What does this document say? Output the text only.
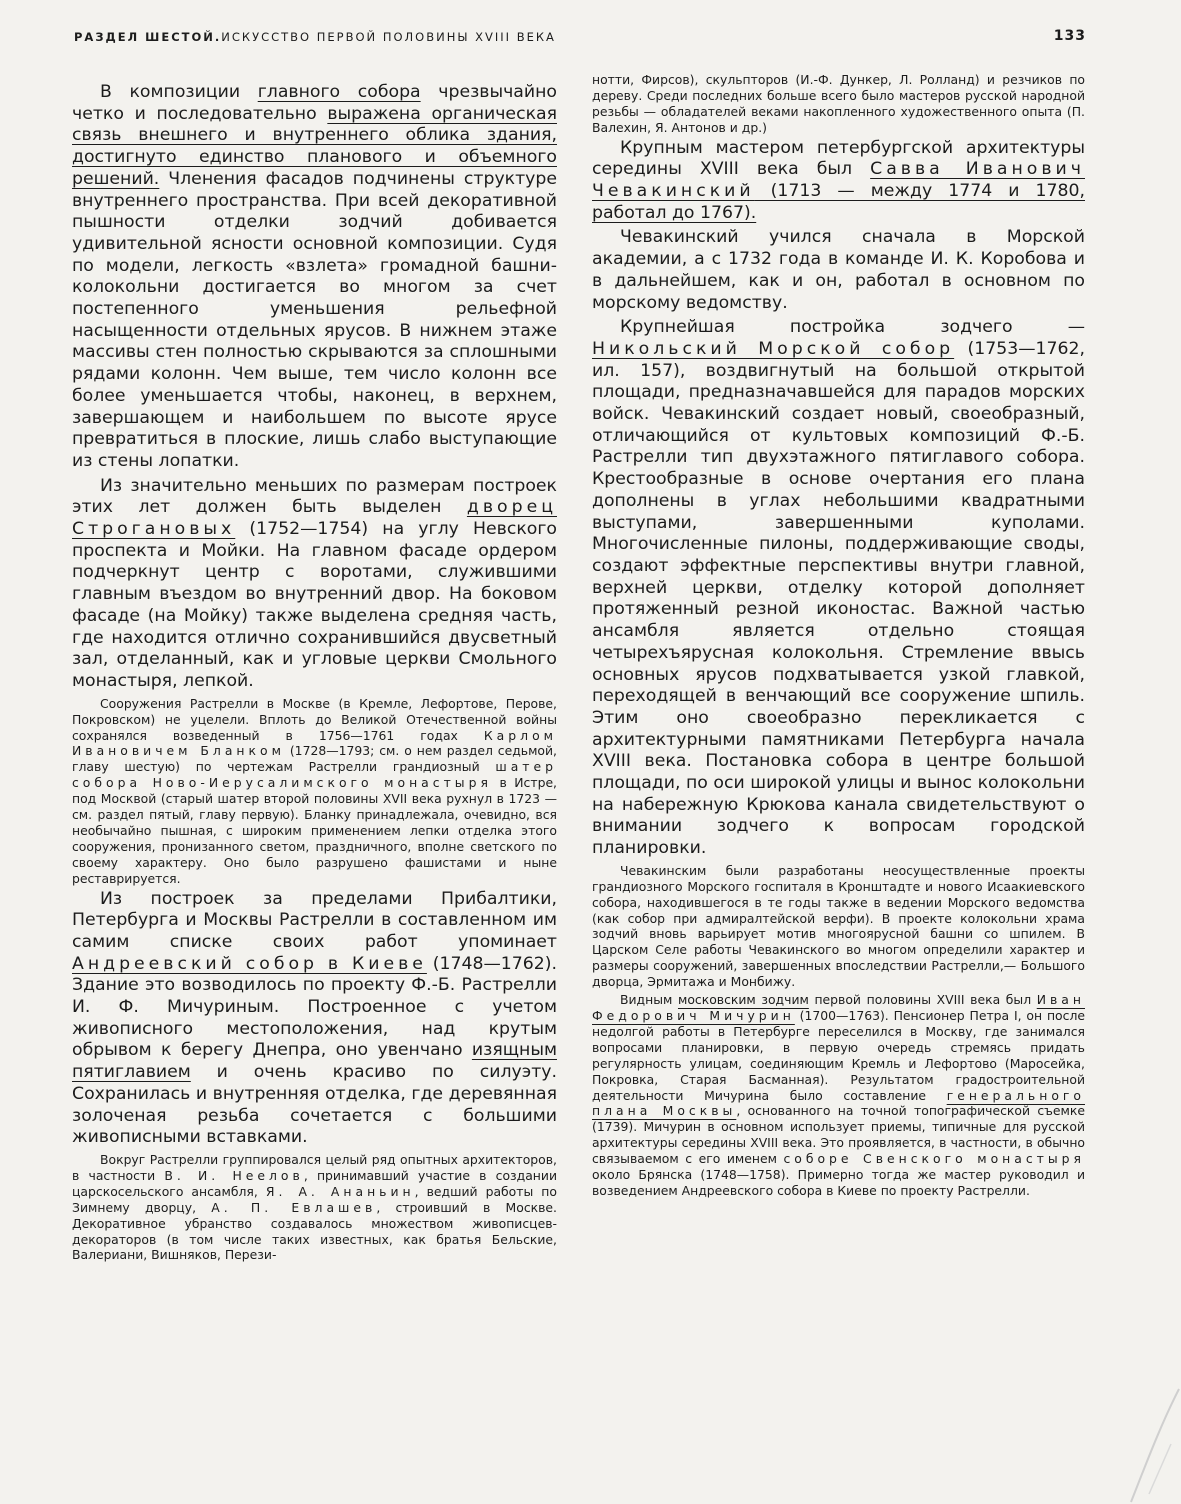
РАЗДЕЛ ШЕСТОЙ.ИСКУССТВО ПЕРВОЙ ПОЛОВИНЫ XVIII ВЕКА	133

В композиции главного собора чрезвычайно четко и последовательно выражена органическая связь внешнего и внутреннего облика здания, достигнуто единство планового и объемного решений. Членения фасадов подчинены структуре внутреннего пространства. При всей декоративной пышности отделки зодчий добивается удивительной ясности основной композиции. Судя по модели, легкость «взлета» громадной башни-колокольни достигается во многом за счет постепенного уменьшения рельефной насыщенности отдельных ярусов. В нижнем этаже массивы стен полностью скрываются за сплошными рядами колонн. Чем выше, тем число колонн все более уменьшается чтобы, наконец, в верхнем, завершающем и наибольшем по высоте ярусе превратиться в плоские, лишь слабо выступающие из стены лопатки.

Из значительно меньших по размерам построек этих лет должен быть выделен дворец Строгановых (1752—1754) на углу Невского проспекта и Мойки. На главном фасаде ордером подчеркнут центр с воротами, служившими главным въездом во внутренний двор. На боковом фасаде (на Мойку) также выделена средняя часть, где находится отлично сохранившийся двусветный зал, отделанный, как и угловые церкви Смольного монастыря, лепкой.

Сооружения Растрелли в Москве (в Кремле, Лефортове, Перове, Покровском) не уцелели. Вплоть до Великой Отечественной войны сохранялся возведенный в 1756—1761 годах Карлом Ивановичем Бланком (1728—1793; см. о нем раздел седьмой, главу шестую) по чертежам Растрелли грандиозный шатер собора Ново-Иерусалимского монастыря в Истре, под Москвой (старый шатер второй половины XVII века рухнул в 1723 — см. раздел пятый, главу первую). Бланку принадлежала, очевидно, вся необычайно пышная, с широким применением лепки отделка этого сооружения, пронизанного светом, праздничного, вполне светского по своему характеру. Оно было разрушено фашистами и ныне реставрируется.

Из построек за пределами Прибалтики, Петербурга и Москвы Растрелли в составленном им самим списке своих работ упоминает Андреевский собор в Киеве (1748—1762). Здание это возводилось по проекту Ф.-Б. Растрелли И. Ф. Мичуриным. Построенное с учетом живописного местоположения, над крутым обрывом к берегу Днепра, оно увенчано изящным пятиглавием и очень красиво по силуэту. Сохранилась и внутренняя отделка, где деревянная золоченая резьба сочетается с большими живописными вставками.

Вокруг Растрелли группировался целый ряд опытных архитекторов, в частности В. И. Неелов, принимавший участие в создании царскосельского ансамбля, Я. А. Ананьин, ведший работы по Зимнему дворцу, А. П. Евлашев, строивший в Москве. Декоративное убранство создавалось множеством живописцев-декораторов (в том числе таких известных, как братья Бельские, Валериани, Вишняков, Перези-

нотти, Фирсов), скульпторов (И.-Ф. Дункер, Л. Ролланд) и резчиков по дереву. Среди последних больше всего было мастеров русской народной резьбы — обладателей веками накопленного художественного опыта (П. Валехин, Я. Антонов и др.)

Крупным мастером петербургской архитектуры середины XVIII века был Савва Иванович Чевакинский (1713 — между 1774 и 1780, работал до 1767).

Чевакинский учился сначала в Морской академии, а с 1732 года в команде И. К. Коробова и в дальнейшем, как и он, работал в основном по морскому ведомству.

Крупнейшая постройка зодчего — Никольский Морской собор (1753—1762, ил. 157), воздвигнутый на большой открытой площади, предназначавшейся для парадов морских войск. Чевакинский создает новый, своеобразный, отличающийся от культовых композиций Ф.-Б. Растрелли тип двухэтажного пятиглавого собора. Крестообразные в основе очертания его плана дополнены в углах небольшими квадратными выступами, завершенными куполами. Многочисленные пилоны, поддерживающие своды, создают эффектные перспективы внутри главной, верхней церкви, отделку которой дополняет протяженный резной иконостас. Важной частью ансамбля является отдельно стоящая четырехъярусная колокольня. Стремление ввысь основных ярусов подхватывается узкой главкой, переходящей в венчающий все сооружение шпиль. Этим оно своеобразно перекликается с архитектурными памятниками Петербурга начала XVIII века. Постановка собора в центре большой площади, по оси широкой улицы и вынос колокольни на набережную Крюкова канала свидетельствуют о внимании зодчего к вопросам городской планировки.

Чевакинским были разработаны неосуществленные проекты грандиозного Морского госпиталя в Кронштадте и нового Исаакиевского собора, находившегося в те годы также в ведении Морского ведомства (как собор при адмиралтейской верфи). В проекте колокольни храма зодчий вновь варьирует мотив многоярусной башни со шпилем. В Царском Селе работы Чевакинского во многом определили характер и размеры сооружений, завершенных впоследствии Растрелли,— Большого дворца, Эрмитажа и Монбижу.

Видным московским зодчим первой половины XVIII века был Иван Федорович Мичурин (1700—1763). Пенсионер Петра I, он после недолгой работы в Петербурге переселился в Москву, где занимался вопросами планировки, в первую очередь стремясь придать регулярность улицам, соединяющим Кремль и Лефортово (Маросейка, Покровка, Старая Басманная). Результатом градостроительной деятельности Мичурина было составление генерального плана Москвы, основанного на точной топографической съемке (1739). Мичурин в основном использует приемы, типичные для русской архитектуры середины XVIII века. Это проявляется, в частности, в обычно связываемом с его именем соборе Свенского монастыря около Брянска (1748—1758). Примерно тогда же мастер руководил и возведением Андреевского собора в Киеве по проекту Растрелли.
